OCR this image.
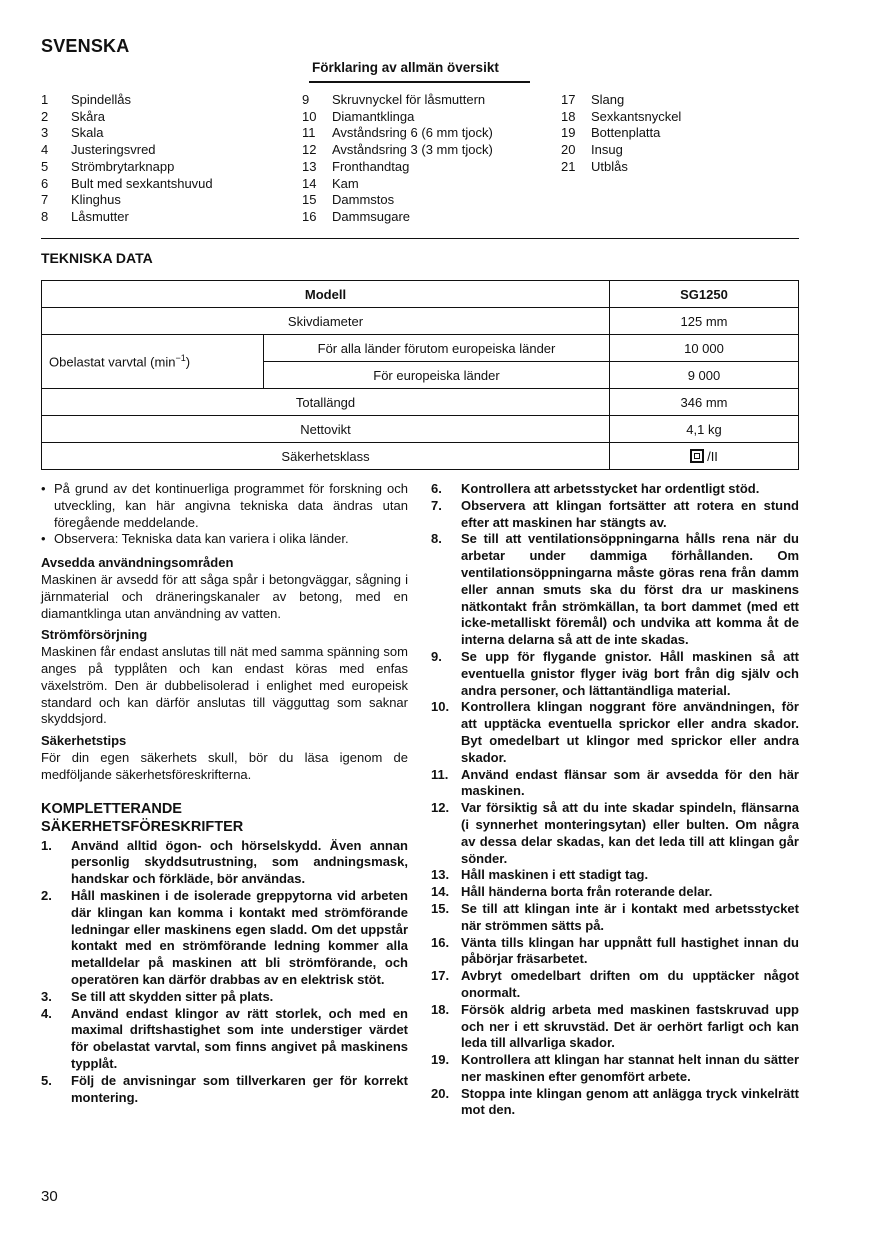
SVENSKA
Förklaring av allmän översikt
1	Spindellås
2	Skåra
3	Skala
4	Justeringsvred
5	Strömbrytarknapp
6	Bult med sexkantshuvud
7	Klinghus
8	Låsmutter
9	Skruvnyckel för låsmuttern
10	Diamantklinga
11	Avståndsring 6 (6 mm tjock)
12	Avståndsring 3 (3 mm tjock)
13	Fronthandtag
14	Kam
15	Dammstos
16	Dammsugare
17	Slang
18	Sexkantsnyckel
19	Bottenplatta
20	Insug
21	Utblås
TEKNISKA DATA
Modell		SG1250
Skivdiameter		125 mm
Obelastat varvtal $(\min^{-1})$	För alla länder förutom europeiska länder	10 000
	För europeiska länder	9 000
Totallängd		346 mm
Nettovikt		4,1 kg
Säkerhetsklass		/II
• På grund av det kontinuerliga programmet för forskning och utveckling, kan här angivna tekniska data ändras utan föregående meddelande.
• Observera: Tekniska data kan variera i olika länder.
Avsedda användningsområden
Maskinen är avsedd för att såga spår i betongväggar, sågning i järnmaterial och dräneringskanaler av betong, med en diamantklinga utan användning av vatten.
Strömförsörjning
Maskinen får endast anslutas till nät med samma spänning som anges på typplåten och kan endast köras med enfas växelström. Den är dubbelisolerad i enlighet med europeisk standard och kan därför anslutas till vägguttag som saknar skyddsjord.
Säkerhetstips
För din egen säkerhets skull, bör du läsa igenom de medföljande säkerhetsföreskrifterna.
KOMPLETTERANDE
SÄKERHETSFÖRESKRIFTER
1.	Använd alltid ögon- och hörselskydd. Även annan personlig skyddsutrustning, som andningsmask, handskar och förkläde, bör användas.
2.	Håll maskinen i de isolerade greppytorna vid arbeten där klingan kan komma i kontakt med strömförande ledningar eller maskinens egen sladd. Om det uppstår kontakt med en strömförande ledning kommer alla metalldelar på maskinen att bli strömförande, och operatören kan därför drabbas av en elektrisk stöt.
3.	Se till att skydden sitter på plats.
4.	Använd endast klingor av rätt storlek, och med en maximal driftshastighet som inte understiger värdet för obelastat varvtal, som finns angivet på maskinens typplåt.
5.	Följ de anvisningar som tillverkaren ger för korrekt montering.
6.	Kontrollera att arbetsstycket har ordentligt stöd.
7.	Observera att klingan fortsätter att rotera en stund efter att maskinen har stängts av.
8.	Se till att ventilationsöppningarna hålls rena när du arbetar under dammiga förhållanden. Om ventilationsöppningarna måste göras rena från damm eller annan smuts ska du först dra ur maskinens nätkontakt från strömkällan, ta bort dammet (med ett icke-metalliskt föremål) och undvika att komma åt de interna delarna så att de inte skadas.
9.	Se upp för flygande gnistor. Håll maskinen så att eventuella gnistor flyger iväg bort från dig själv och andra personer, och lättantändliga material.
10. Kontrollera klingan noggrant före användningen, för att upptäcka eventuella sprickor eller andra skador. Byt omedelbart ut klingor med sprickor eller andra skador.
11. Använd endast flänsar som är avsedda för den här maskinen.
12. Var försiktig så att du inte skadar spindeln, flänsarna (i synnerhet monteringsytan) eller bulten. Om några av dessa delar skadas, kan det leda till att klingan går sönder.
13. Håll maskinen i ett stadigt tag.
14. Håll händerna borta från roterande delar.
15. Se till att klingan inte är i kontakt med arbetsstycket när strömmen sätts på.
16. Vänta tills klingan har uppnått full hastighet innan du påbörjar fräsarbetet.
17. Avbryt omedelbart driften om du upptäcker något onormalt.
18. Försök aldrig arbeta med maskinen fastskruvad upp och ner i ett skruvstäd. Det är oerhört farligt och kan leda till allvarliga skador.
19. Kontrollera att klingan har stannat helt innan du sätter ner maskinen efter genomfört arbete.
20. Stoppa inte klingan genom att anlägga tryck vinkelrätt mot den.
30
